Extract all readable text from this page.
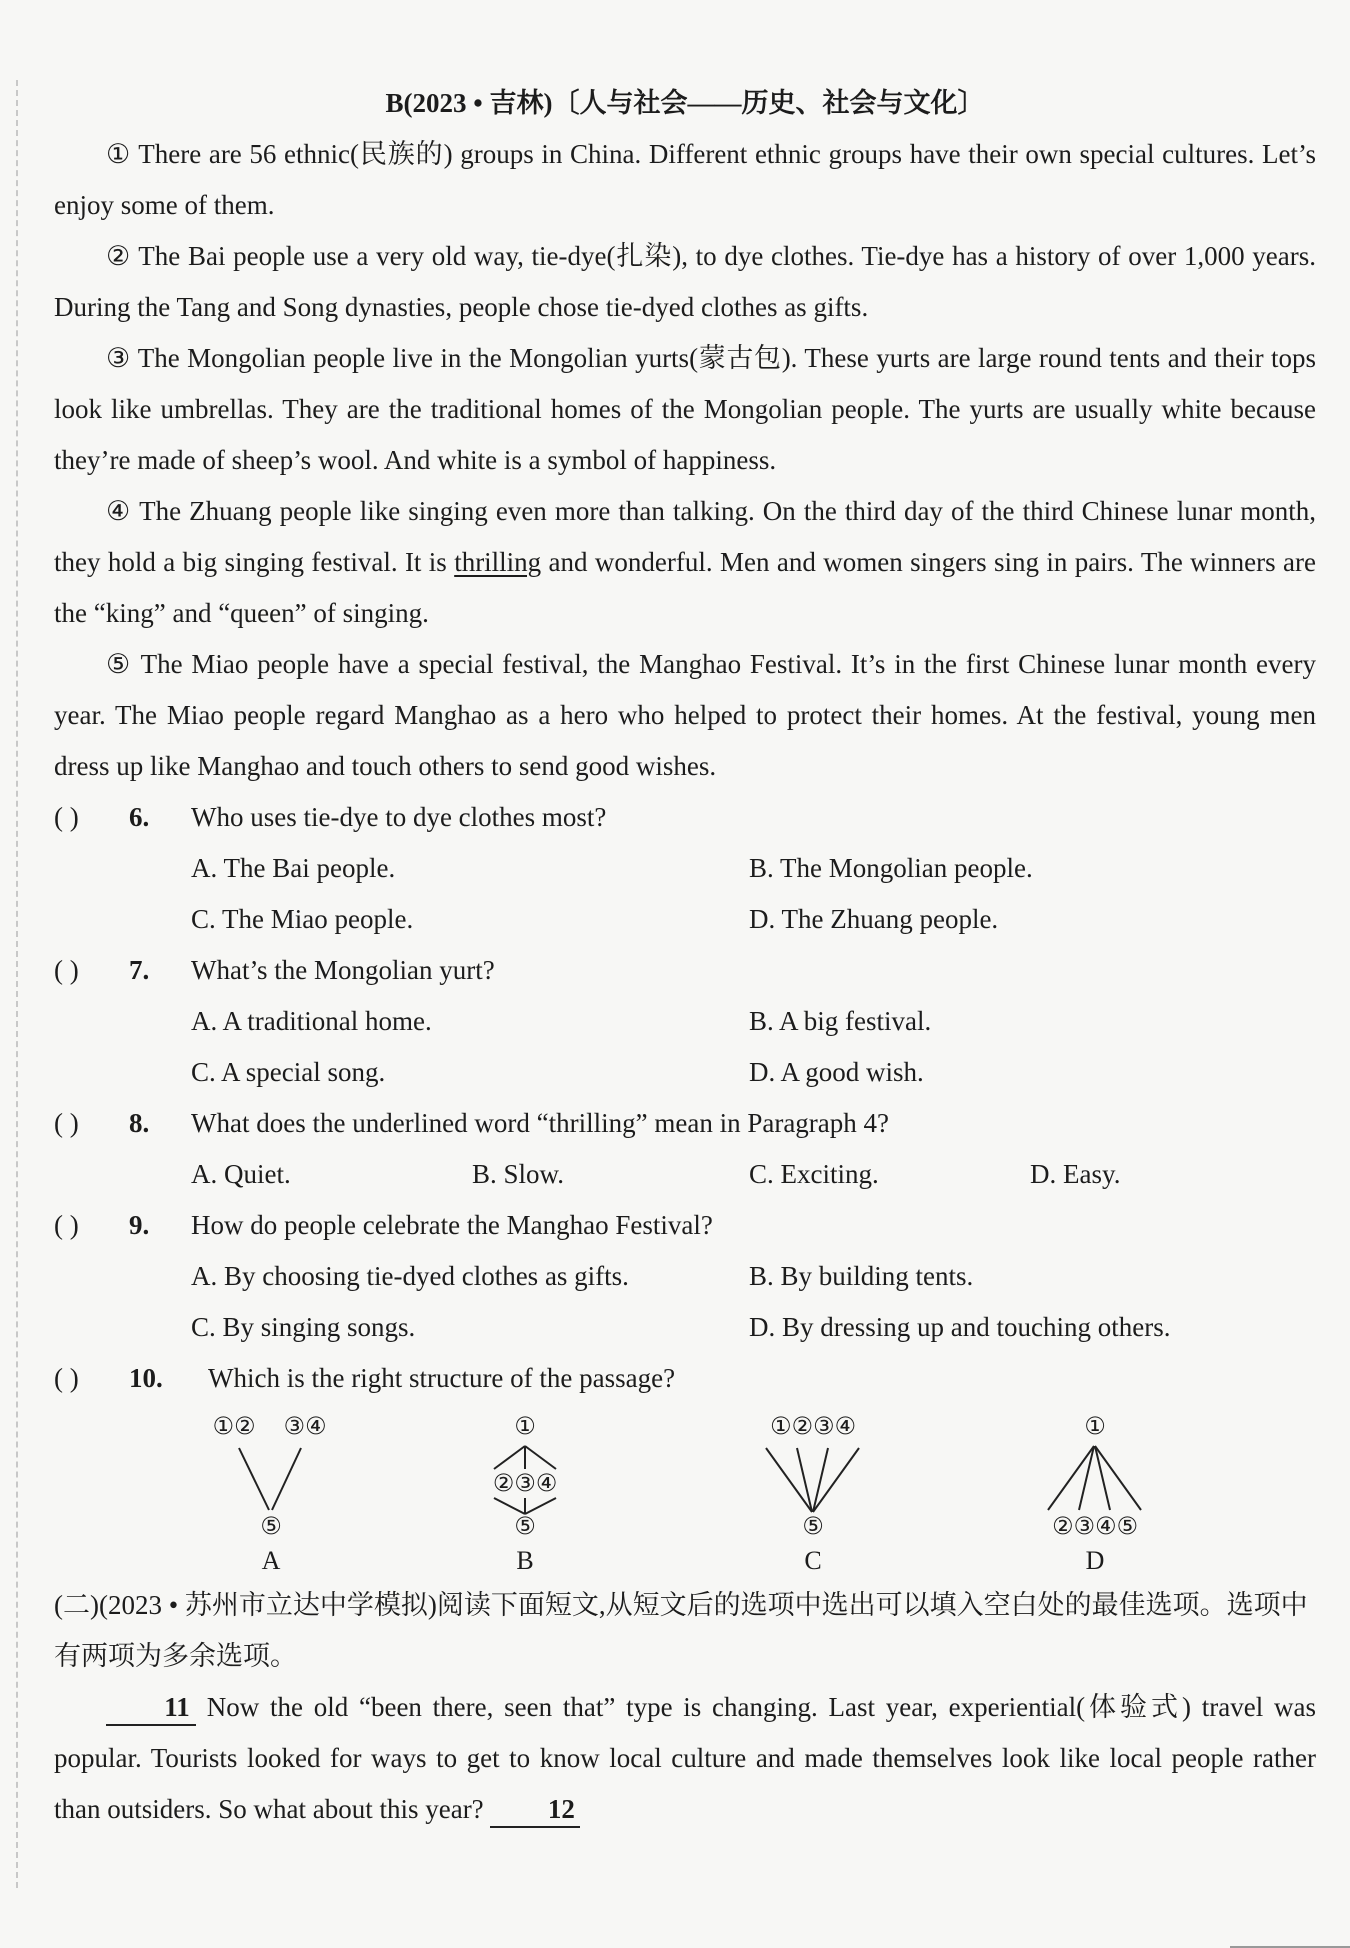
B(2023 • 吉林)〔人与社会——历史、社会与文化〕

① There are 56 ethnic(民族的) groups in China. Different ethnic groups have their own special cultures. Let’s enjoy some of them.

② The Bai people use a very old way, tie-dye(扎染), to dye clothes. Tie-dye has a history of over 1,000 years. During the Tang and Song dynasties, people chose tie-dyed clothes as gifts.

③ The Mongolian people live in the Mongolian yurts(蒙古包). These yurts are large round tents and their tops look like umbrellas. They are the traditional homes of the Mongolian people. The yurts are usually white because they’re made of sheep’s wool. And white is a symbol of happiness.

④ The Zhuang people like singing even more than talking. On the third day of the third Chinese lunar month, they hold a big singing festival. It is thrilling and wonderful. Men and women singers sing in pairs. The winners are the “king” and “queen” of singing.

⑤ The Miao people have a special festival, the Manghao Festival. It’s in the first Chinese lunar month every year. The Miao people regard Manghao as a hero who helped to protect their homes. At the festival, young men dress up like Manghao and touch others to send good wishes.

( ) 6. Who uses tie-dye to dye clothes most?
A. The Bai people.	B. The Mongolian people.
C. The Miao people.	D. The Zhuang people.
( ) 7. What’s the Mongolian yurt?
A. A traditional home.	B. A big festival.
C. A special song.	D. A good wish.
( ) 8. What does the underlined word “thrilling” mean in Paragraph 4?
A. Quiet.	B. Slow.	C. Exciting.	D. Easy.
( ) 9. How do people celebrate the Manghao Festival?
A. By choosing tie-dyed clothes as gifts.	B. By building tents.
C. By singing songs.	D. By dressing up and touching others.
( ) 10. Which is the right structure of the passage?
①② ③④
⑤
A
①
②③④
⑤
B
①②③④
⑤
C
①
②③④⑤
D

(二)(2023 • 苏州市立达中学模拟)阅读下面短文,从短文后的选项中选出可以填入空白处的最佳选项。选项中有两项为多余选项。

11 Now the old “been there, seen that” type is changing. Last year, experiential(体验式) travel was popular. Tourists looked for ways to get to know local culture and made themselves look like local people rather than outsiders. So what about this year? 12
